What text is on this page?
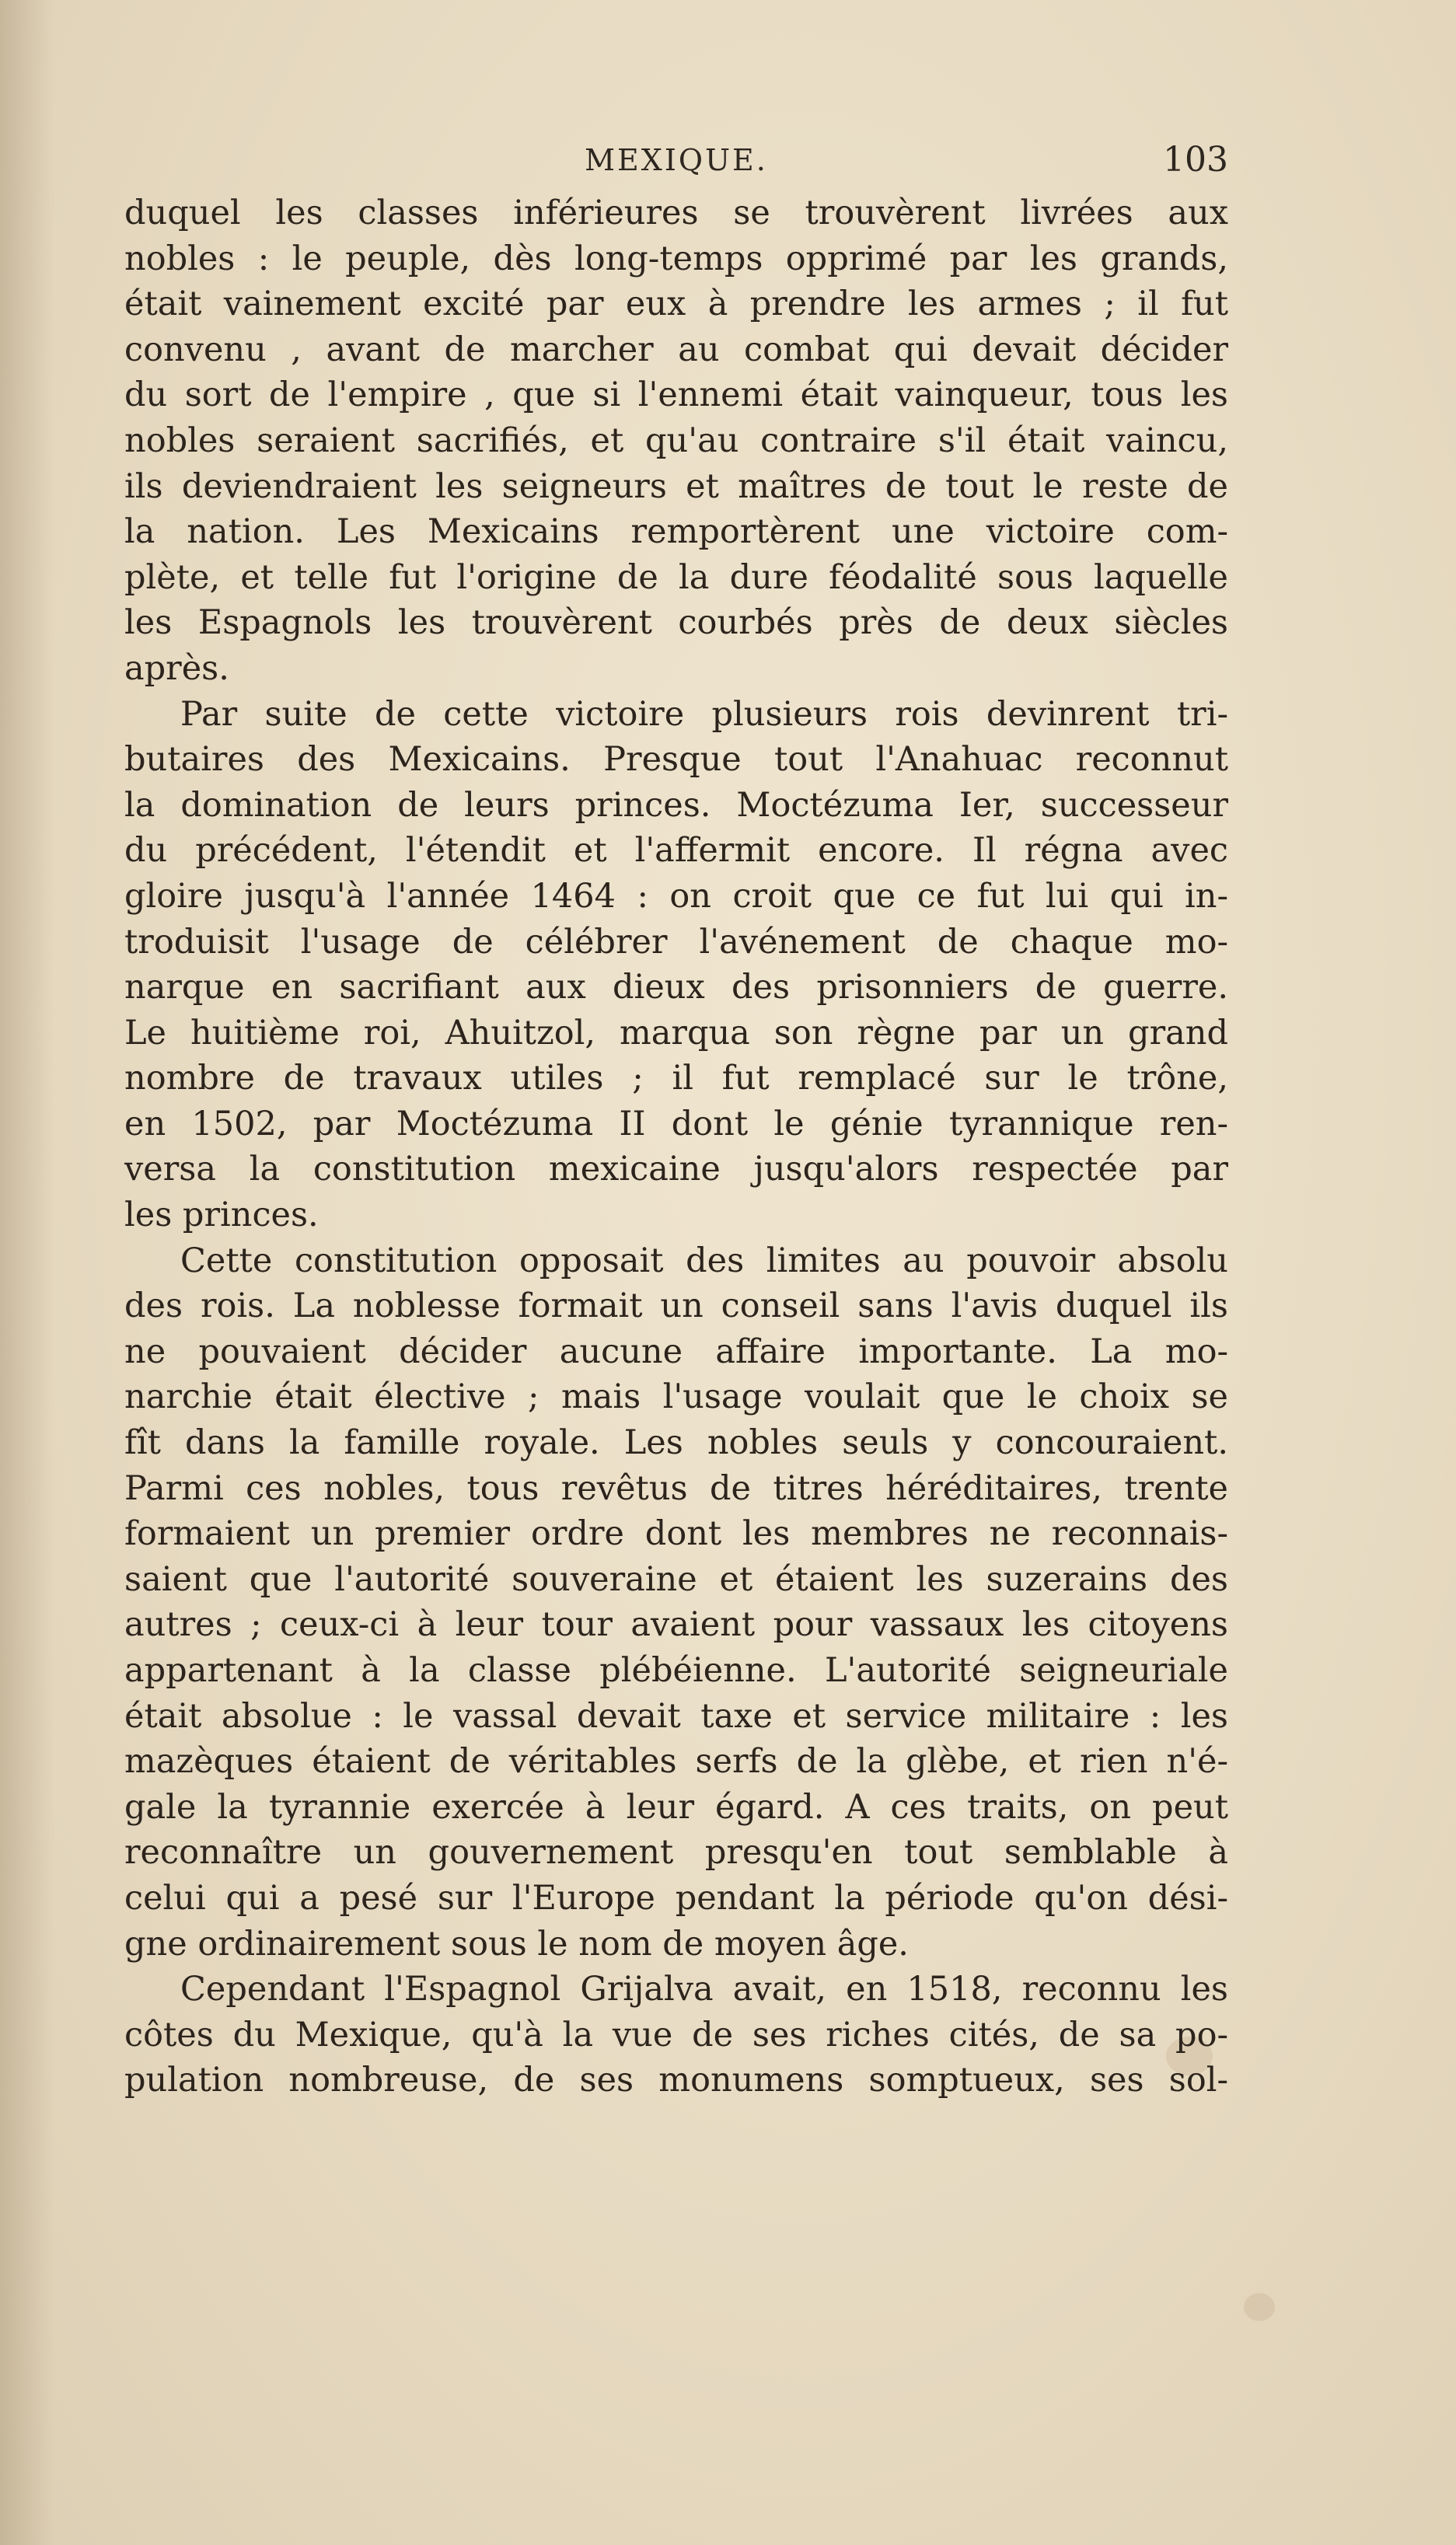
MEXIQUE.	103
duquel les classes inférieures se trouvèrent livrées aux
nobles : le peuple, dès long-temps opprimé par les grands,
était vainement excité par eux à prendre les armes ; il fut
convenu , avant de marcher au combat qui devait décider
du sort de l'empire , que si l'ennemi était vainqueur, tous les
nobles seraient sacrifiés, et qu'au contraire s'il était vaincu,
ils deviendraient les seigneurs et maîtres de tout le reste de
la nation. Les Mexicains remportèrent une victoire com-
plète, et telle fut l'origine de la dure féodalité sous laquelle
les Espagnols les trouvèrent courbés près de deux siècles
après.
Par suite de cette victoire plusieurs rois devinrent tri-
butaires des Mexicains. Presque tout l'Anahuac reconnut
la domination de leurs princes. Moctézuma Ier, successeur
du précédent, l'étendit et l'affermit encore. Il régna avec
gloire jusqu'à l'année 1464 : on croit que ce fut lui qui in-
troduisit l'usage de célébrer l'avénement de chaque mo-
narque en sacrifiant aux dieux des prisonniers de guerre.
Le huitième roi, Ahuitzol, marqua son règne par un grand
nombre de travaux utiles ; il fut remplacé sur le trône,
en 1502, par Moctézuma II dont le génie tyrannique ren-
versa la constitution mexicaine jusqu'alors respectée par
les princes.
Cette constitution opposait des limites au pouvoir absolu
des rois. La noblesse formait un conseil sans l'avis duquel ils
ne pouvaient décider aucune affaire importante. La mo-
narchie était élective ; mais l'usage voulait que le choix se
fît dans la famille royale. Les nobles seuls y concouraient.
Parmi ces nobles, tous revêtus de titres héréditaires, trente
formaient un premier ordre dont les membres ne reconnais-
saient que l'autorité souveraine et étaient les suzerains des
autres ; ceux-ci à leur tour avaient pour vassaux les citoyens
appartenant à la classe plébéienne. L'autorité seigneuriale
était absolue : le vassal devait taxe et service militaire : les
mazèques étaient de véritables serfs de la glèbe, et rien n'é-
gale la tyrannie exercée à leur égard. A ces traits, on peut
reconnaître un gouvernement presqu'en tout semblable à
celui qui a pesé sur l'Europe pendant la période qu'on dési-
gne ordinairement sous le nom de moyen âge.
Cependant l'Espagnol Grijalva avait, en 1518, reconnu les
côtes du Mexique, qu'à la vue de ses riches cités, de sa po-
pulation nombreuse, de ses monumens somptueux, ses sol-
